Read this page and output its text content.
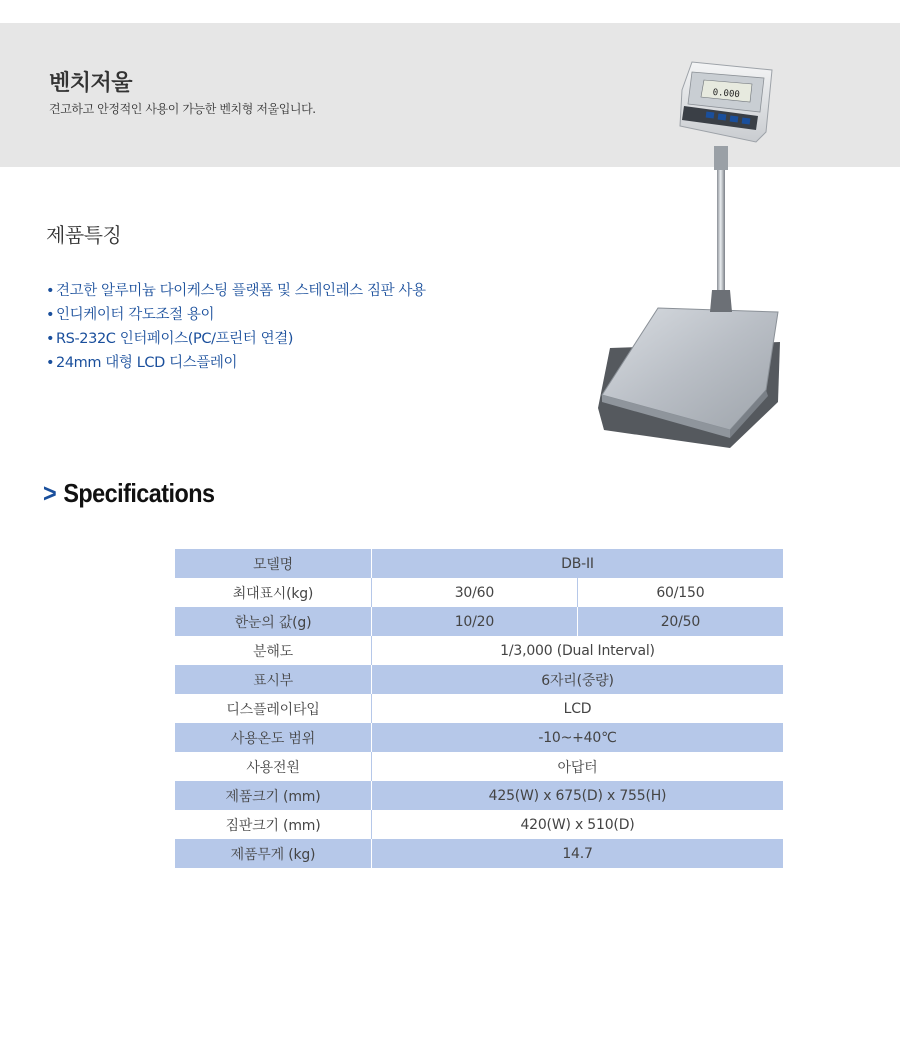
벤치저울
견고하고 안정적인 사용이 가능한 벤치형 저울입니다.
0.000
제품특징
• 견고한 알루미늄 다이케스팅 플랫폼 및 스테인레스 짐판 사용
• 인디케이터 각도조절 용이
• RS-232C 인터페이스(PC/프린터 연결)
• 24mm 대형 LCD 디스플레이
> Specifications
모델명	DB-II	
최대표시(kg)	30/60	60/150
한눈의 값(g)	10/20	20/50
분해도	1/3,000 (Dual Interval)	
표시부	6자리(중량)	
디스플레이타입	LCD	
사용온도 범위	-10~+40℃	
사용전원	아답터	
제품크기 (mm)	425(W) x 675(D) x 755(H)	
짐판크기 (mm)	420(W) x 510(D)	
제품무게 (kg)	14.7	
